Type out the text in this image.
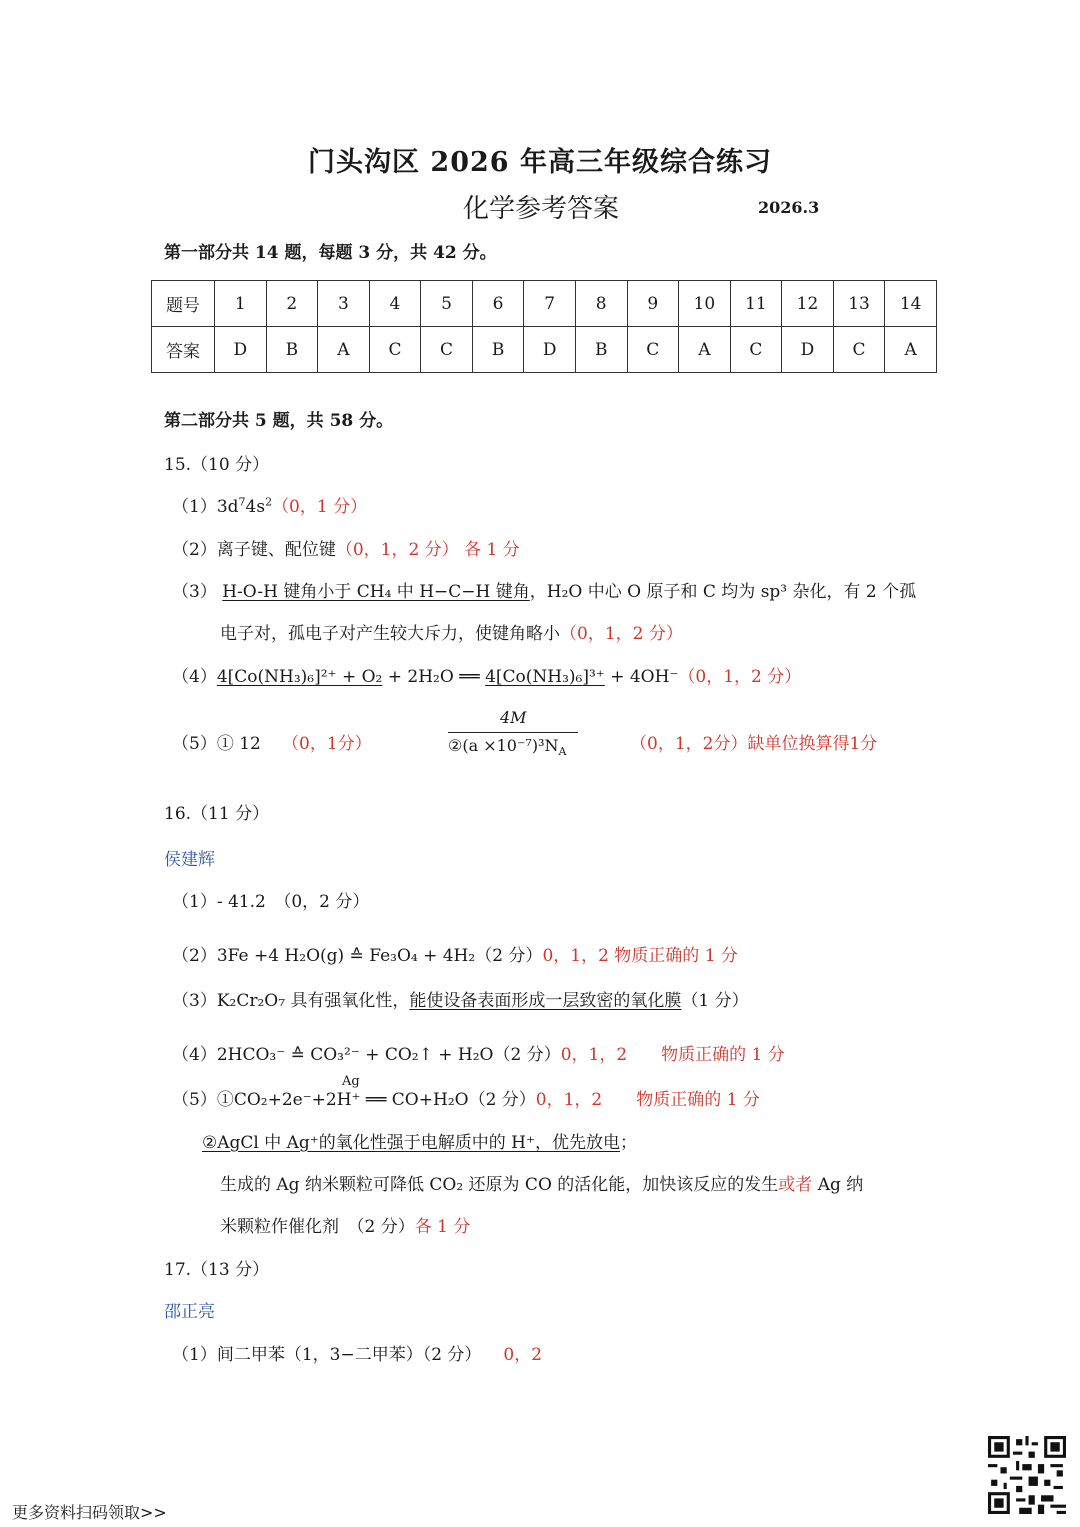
门头沟区 2026 年高三年级综合练习
化学参考答案	2026.3
第一部分共 14 题，每题 3 分，共 42 分。
题号	1	2	3	4	5	6	7	8	9	10	11	12	13	14
答案	D	B	A	C	C	B	D	B	C	A	C	D	C	A
第二部分共 5 题，共 58 分。
15.（10 分）
$(1)3d^74s^2(0$，1 分）
（2）离子键、配位键（0，1，2 分） 各 1 分
（3） H-O-H 键角小于 CH₄ 中 H−C−H 键角，H₂O 中心 O 原子和 C 均为 sp³ 杂化，有 2 个孤
电子对，孤电子对产生较大斥力，使键角略小（0，1，2 分）
（4）4[Co(NH₃)₆]²⁺ + O₂ + 2H₂O ══ 4[Co(NH₃)₆]³⁺ + 4OH⁻（0，1，2 分）
（5）① 12 （0，1分）
4M
②(a $\times 10^{-7})^3N_A$	（0，1，2分）缺单位换算得1分
16.（11 分）
侯建辉
（1）- 41.2　（0，2 分）
（2）3Fe +4 H₂O(g) ≙ Fe₃O₄ + 4H₂（2 分）0，1，2 物质正确的 1 分
（3）K₂Cr₂O₇ 具有强氧化性，能使设备表面形成一层致密的氧化膜（1 分）
（4）2HCO₃⁻ ≙ CO₃²⁻ + CO₂↑ + H₂O（2 分）0，1，2　　物质正确的 1 分
Ag
（5）①CO₂+2e⁻+2H⁺ ══ CO+H₂O（2 分）0，1，2　　物质正确的 1 分
②AgCl 中 Ag⁺的氧化性强于电解质中的 H⁺，优先放电；
生成的 Ag 纳米颗粒可降低 CO₂ 还原为 CO 的活化能，加快该反应的发生或者 Ag 纳
米颗粒作催化剂　（2 分）各 1 分
17.（13 分）
邵正亮
（1）间二甲苯（1，3−二甲苯）（2 分） 0，2
更多资料扫码领取>>
